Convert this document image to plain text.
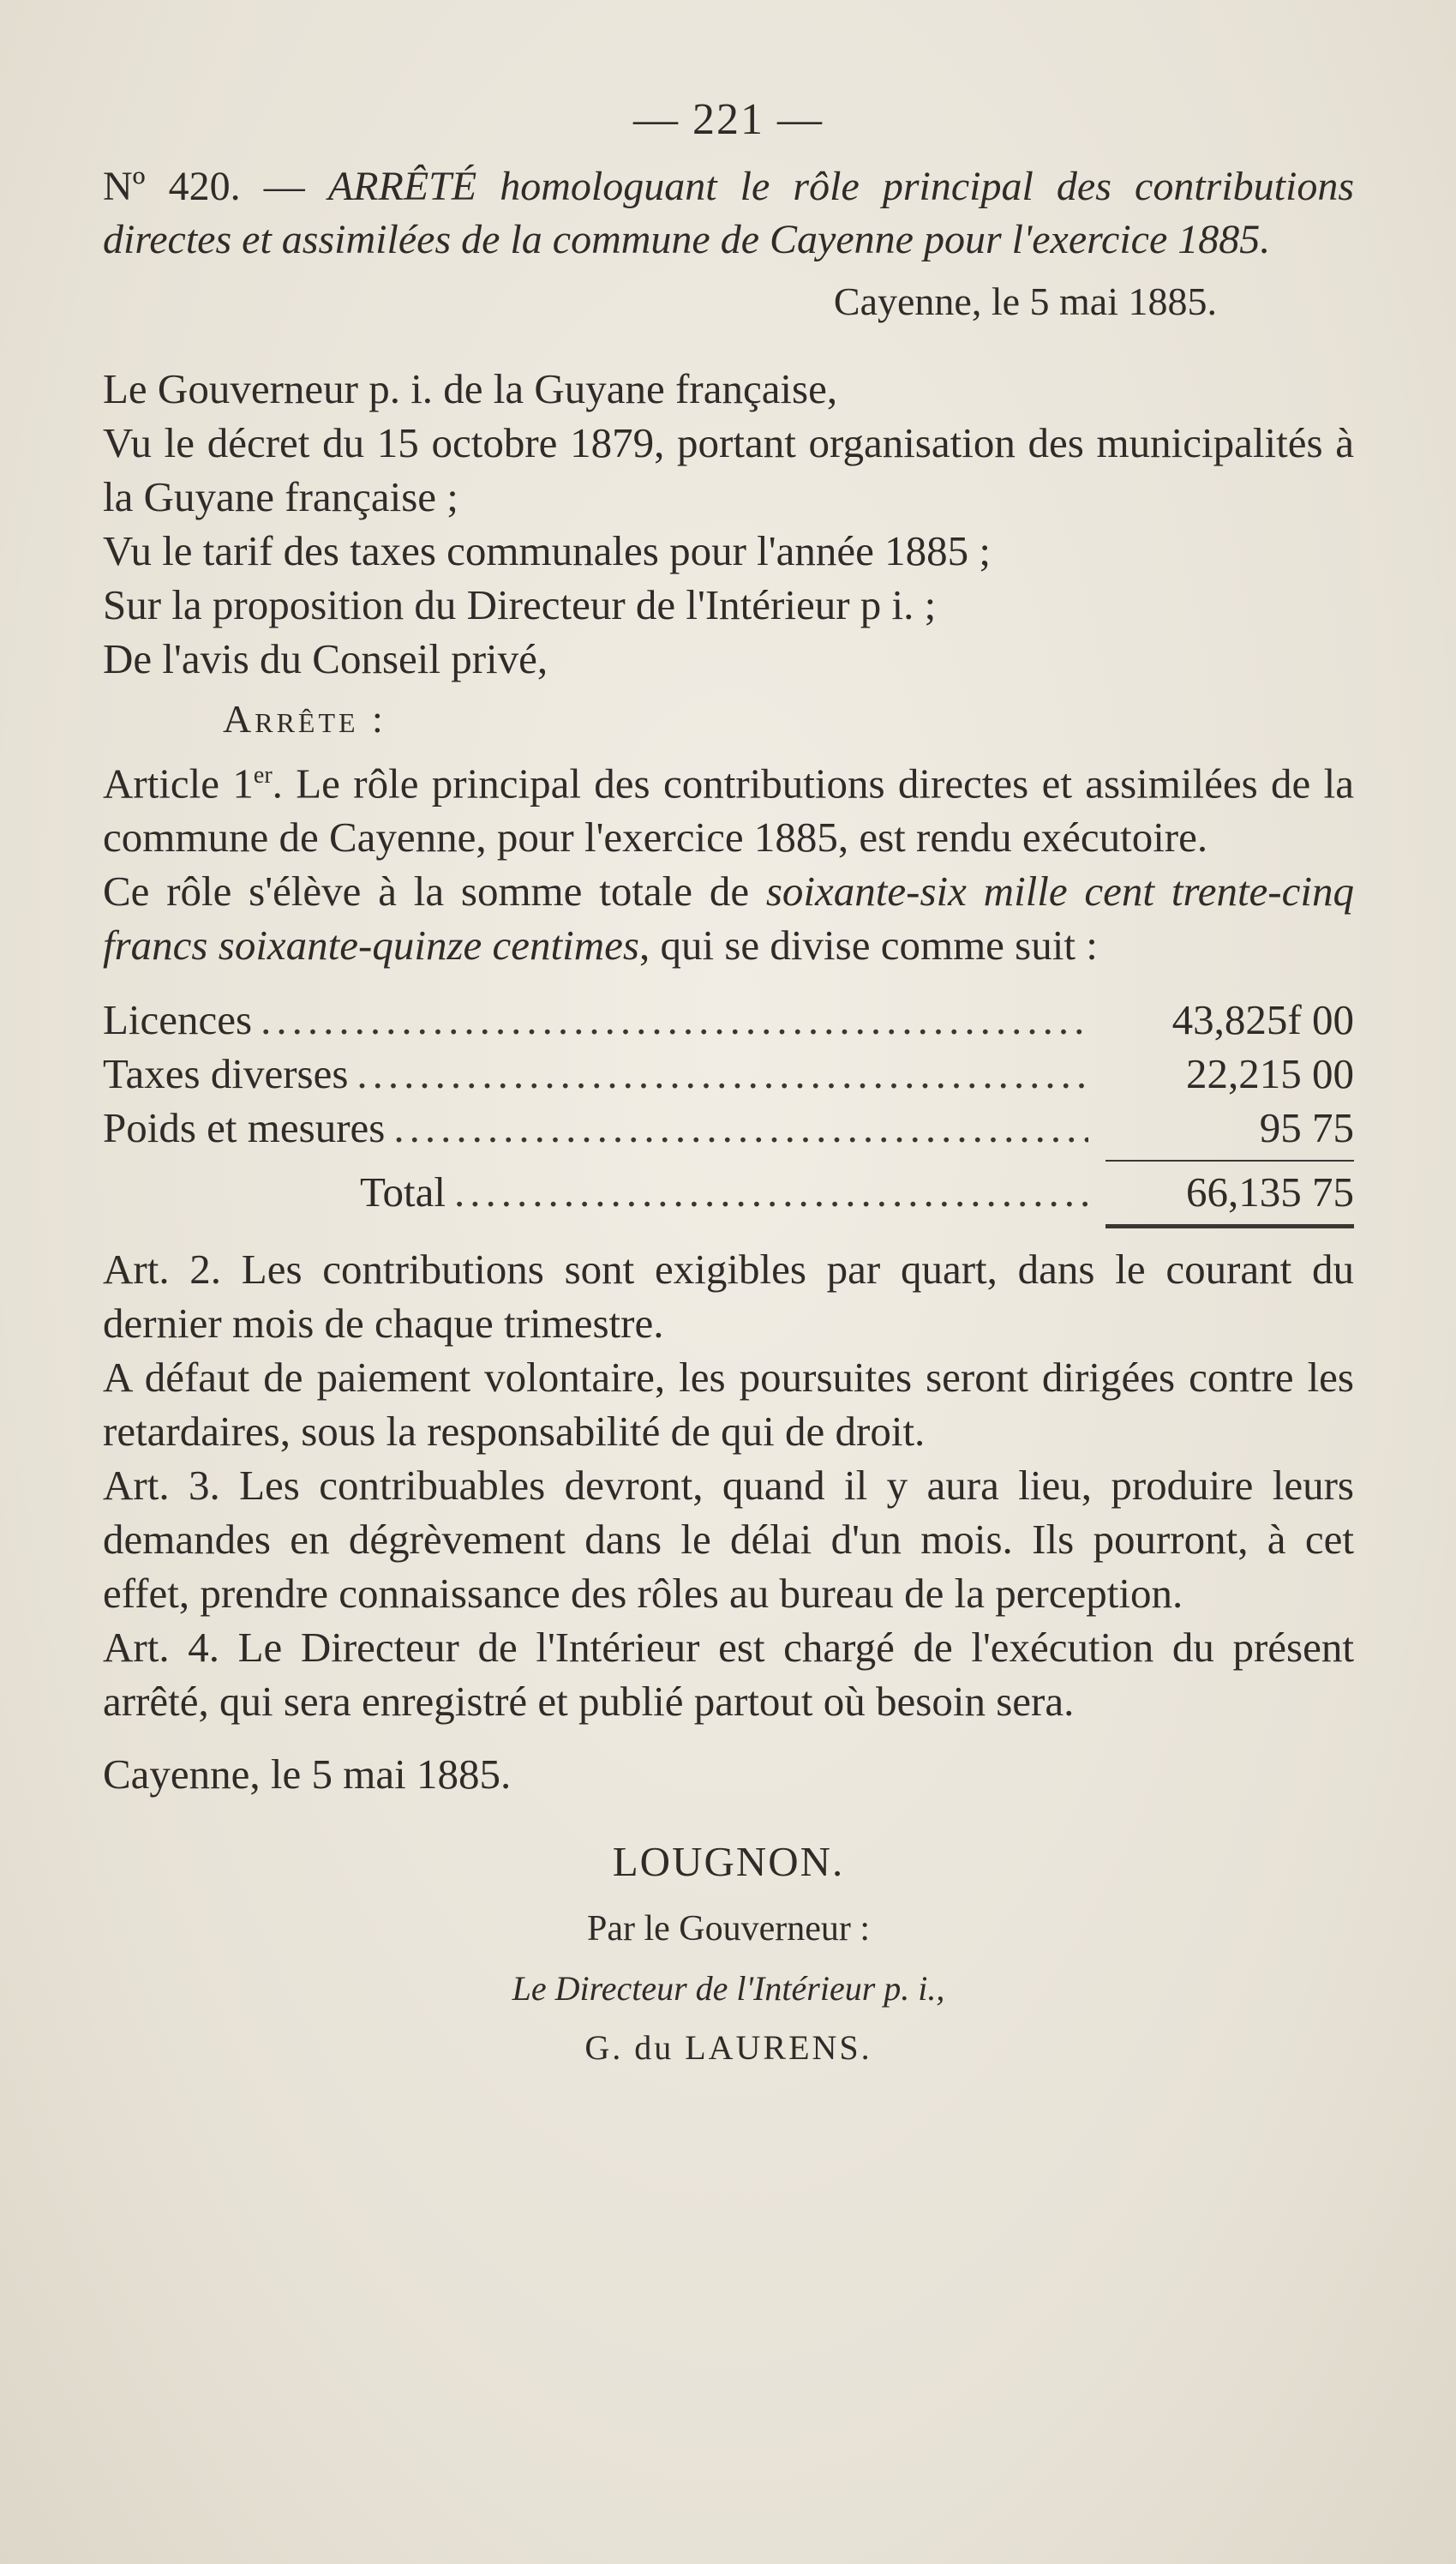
— 221 —
Nº 420. — ARRÊTÉ homologuant le rôle principal des contributions directes et assimilées de la commune de Cayenne pour l'exercice 1885.
Cayenne, le 5 mai 1885.

Le Gouverneur p. i. de la Guyane française,

Vu le décret du 15 octobre 1879, portant organisation des municipalités à la Guyane française ;

Vu le tarif des taxes communales pour l'année 1885 ;

Sur la proposition du Directeur de l'Intérieur p i. ;

De l'avis du Conseil privé,

Arrête :

Article 1er. Le rôle principal des contributions directes et assimilées de la commune de Cayenne, pour l'exercice 1885, est rendu exécutoire.

Ce rôle s'élève à la somme totale de soixante-six mille cent trente-cinq francs soixante-quinze centimes, qui se divise comme suit :

Licences .....	43,825f 00
Taxes diverses .....	22,215 00
Poids et mesures .....	95 75
Total .....	66,135 75

Art. 2. Les contributions sont exigibles par quart, dans le courant du dernier mois de chaque trimestre.

A défaut de paiement volontaire, les poursuites seront dirigées contre les retardaires, sous la responsabilité de qui de droit.

Art. 3. Les contribuables devront, quand il y aura lieu, produire leurs demandes en dégrèvement dans le délai d'un mois. Ils pourront, à cet effet, prendre connaissance des rôles au bureau de la perception.

Art. 4. Le Directeur de l'Intérieur est chargé de l'exécution du présent arrêté, qui sera enregistré et publié partout où besoin sera.

Cayenne, le 5 mai 1885.

LOUGNON.
Par le Gouverneur :
Le Directeur de l'Intérieur p. i.,
G. du LAURENS.
